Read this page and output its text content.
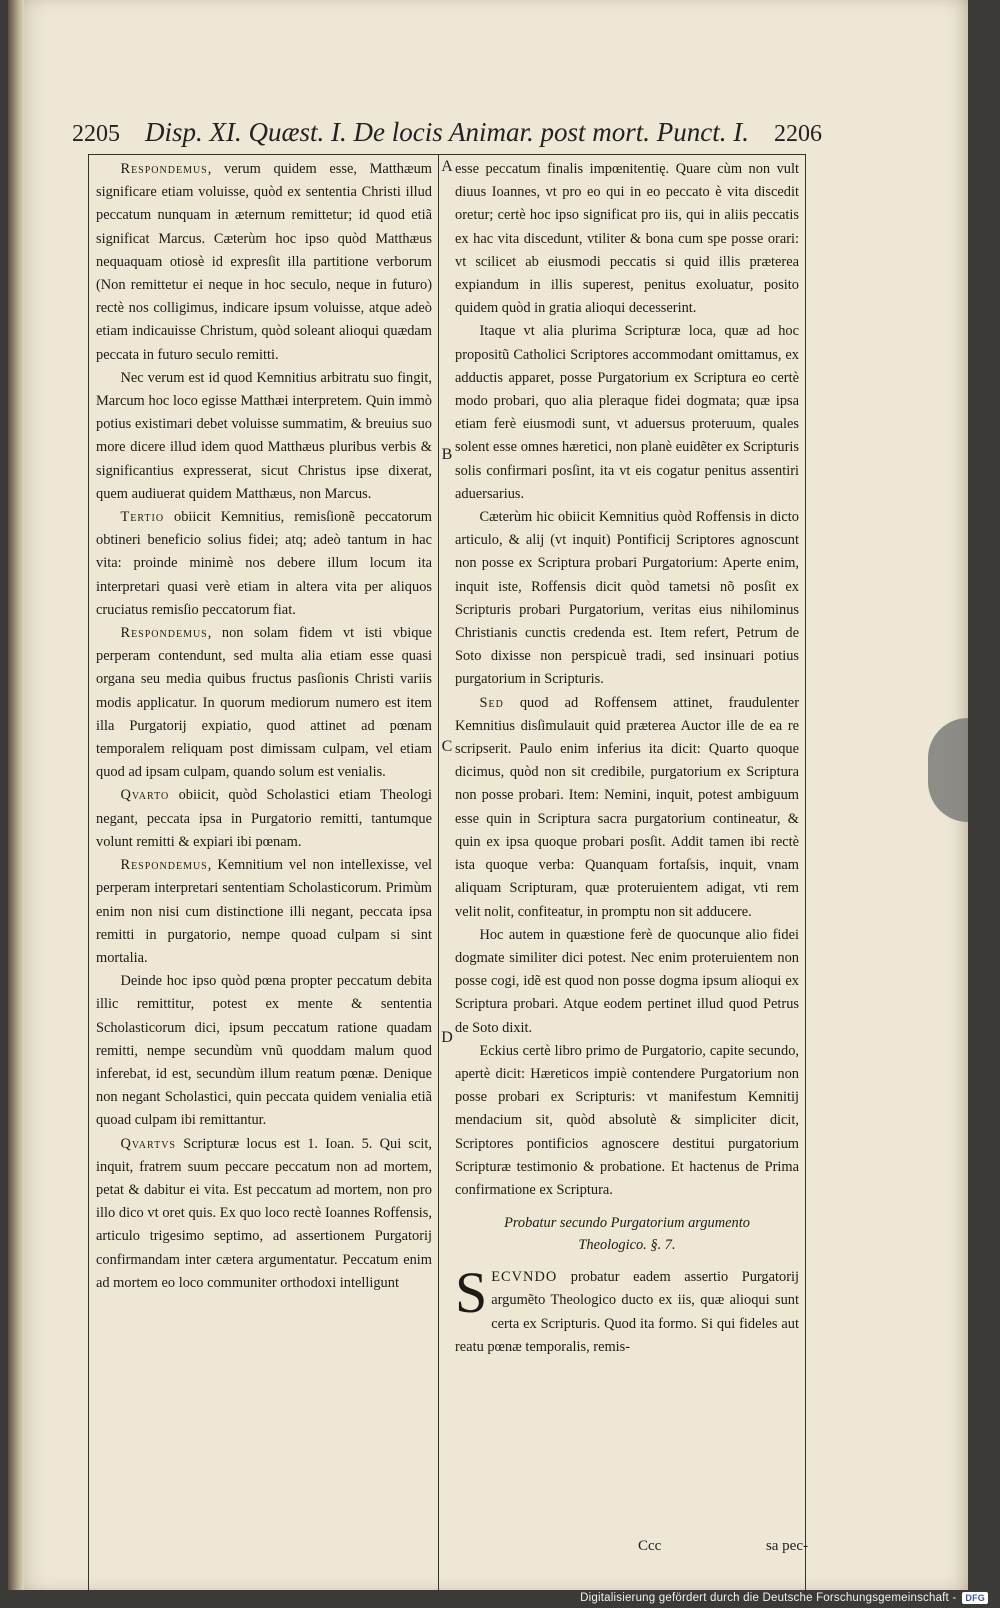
2205 Disp. XI. Quæst. I. De locis Animar. post mort. Punct. I. 2206
A
B
C
D

Respondemus, verum quidem esse, Matthæum significare etiam voluisse, quòd ex sententia Christi illud peccatum nunquam in æternum remittetur; id quod etiã significat Marcus. Cæterùm hoc ipso quòd Matthæus nequaquam otiosè id expresſit illa partitione verborum (Non remittetur ei neque in hoc seculo, neque in futuro) rectè nos colligimus, indicare ipsum voluisse, atque adeò etiam indicauisse Christum, quòd soleant alioqui quædam peccata in futuro seculo remitti.

Nec verum est id quod Kemnitius arbitratu suo fingit, Marcum hoc loco egisse Matthæi interpretem. Quin immò potius existimari debet voluisse summatim, & breuius suo more dicere illud idem quod Matthæus pluribus verbis & significantius expresserat, sicut Christus ipse dixerat, quem audiuerat quidem Matthæus, non Marcus.

Tertio obiicit Kemnitius, remisſionẽ peccatorum obtineri beneficio solius fidei; atq; adeò tantum in hac vita: proinde minimè nos debere illum locum ita interpretari quasi verè etiam in altera vita per aliquos cruciatus remisſio peccatorum fiat.

Respondemus, non solam fidem vt isti vbique perperam contendunt, sed multa alia etiam esse quasi organa seu media quibus fructus pasſionis Christi variis modis applicatur. In quorum mediorum numero est item illa Purgatorij expiatio, quod attinet ad pœnam temporalem reliquam post dimissam culpam, vel etiam quod ad ipsam culpam, quando solum est venialis.

Qvarto obiicit, quòd Scholastici etiam Theologi negant, peccata ipsa in Purgatorio remitti, tantumque volunt remitti & expiari ibi pœnam.

Respondemus, Kemnitium vel non intellexisse, vel perperam interpretari sententiam Scholasticorum. Primùm enim non nisi cum distinctione illi negant, peccata ipsa remitti in purgatorio, nempe quoad culpam si sint mortalia.

Deinde hoc ipso quòd pœna propter peccatum debita illic remittitur, potest ex mente & sententia Scholasticorum dici, ipsum peccatum ratione quadam remitti, nempe secundùm vnũ quoddam malum quod inferebat, id est, secundùm illum reatum pœnæ. Denique non negant Scholastici, quin peccata quidem venialia etiã quoad culpam ibi remittantur.

Qvartvs Scripturæ locus est 1. Ioan. 5. Qui scit, inquit, fratrem suum peccare peccatum non ad mortem, petat & dabitur ei vita. Est peccatum ad mortem, non pro illo dico vt oret quis. Ex quo loco rectè Ioannes Roffensis, articulo trigesimo septimo, ad assertionem Purgatorij confirmandam inter cætera argumentatur. Peccatum enim ad mortem eo loco communiter orthodoxi intelligunt

esse peccatum finalis impœnitentię. Quare cùm non vult diuus Ioannes, vt pro eo qui in eo peccato è vita discedit oretur; certè hoc ipso significat pro iis, qui in aliis peccatis ex hac vita discedunt, vtiliter & bona cum spe posse orari: vt scilicet ab eiusmodi peccatis si quid illis præterea expiandum in illis superest, penitus exoluatur, posito quidem quòd in gratia alioqui decesserint.

Itaque vt alia plurima Scripturæ loca, quæ ad hoc propositũ Catholici Scriptores accommodant omittamus, ex adductis apparet, posse Purgatorium ex Scriptura eo certè modo probari, quo alia pleraque fidei dogmata; quæ ipsa etiam ferè eiusmodi sunt, vt aduersus proteruum, quales solent esse omnes hæretici, non planè euidẽter ex Scripturis solis confirmari posſint, ita vt eis cogatur penitus assentiri aduersarius.

Cæterùm hic obiicit Kemnitius quòd Roffensis in dicto articulo, & alij (vt inquit) Pontificij Scriptores agnoscunt non posse ex Scriptura probari Purgatorium: Aperte enim, inquit iste, Roffensis dicit quòd tametsi nõ posſit ex Scripturis probari Purgatorium, veritas eius nihilominus Christianis cunctis credenda est. Item refert, Petrum de Soto dixisse non perspicuè tradi, sed insinuari potius purgatorium in Scripturis.

Sed quod ad Roffensem attinet, fraudulenter Kemnitius disſimulauit quid præterea Auctor ille de ea re scripserit. Paulo enim inferius ita dicit: Quarto quoque dicimus, quòd non sit credibile, purgatorium ex Scriptura non posse probari. Item: Nemini, inquit, potest ambiguum esse quin in Scriptura sacra purgatorium contineatur, & quin ex ipsa quoque probari posſit. Addit tamen ibi rectè ista quoque verba: Quanquam fortaſsis, inquit, vnam aliquam Scripturam, quæ proteruientem adigat, vti rem velit nolit, confiteatur, in promptu non sit adducere.

Hoc autem in quæstione ferè de quocunque alio fidei dogmate similiter dici potest. Nec enim proteruientem non posse cogi, idẽ est quod non posse dogma ipsum alioqui ex Scriptura probari. Atque eodem pertinet illud quod Petrus de Soto dixit.

Eckius certè libro primo de Purgatorio, capite secundo, apertè dicit: Hæreticos impiè contendere Purgatorium non posse probari ex Scripturis: vt manifestum Kemnitij mendacium sit, quòd absolutè & simpliciter dicit, Scriptores pontificios agnoscere destitui purgatorium Scripturæ testimonio & probatione. Et hactenus de Prima confirmatione ex Scriptura.

Probatur secundo Purgatorium argumento Theologico. §. 7.

SECVNDO probatur eadem assertio Purgatorij argumẽto Theologico ducto ex iis, quæ alioqui sunt certa ex Scripturis. Quod ita formo. Si qui fideles aut reatu pœnæ temporalis, remis-

Ccc	sa pec-
Digitalisierung gefördert durch die Deutsche Forschungsgemeinschaft -	DFG
